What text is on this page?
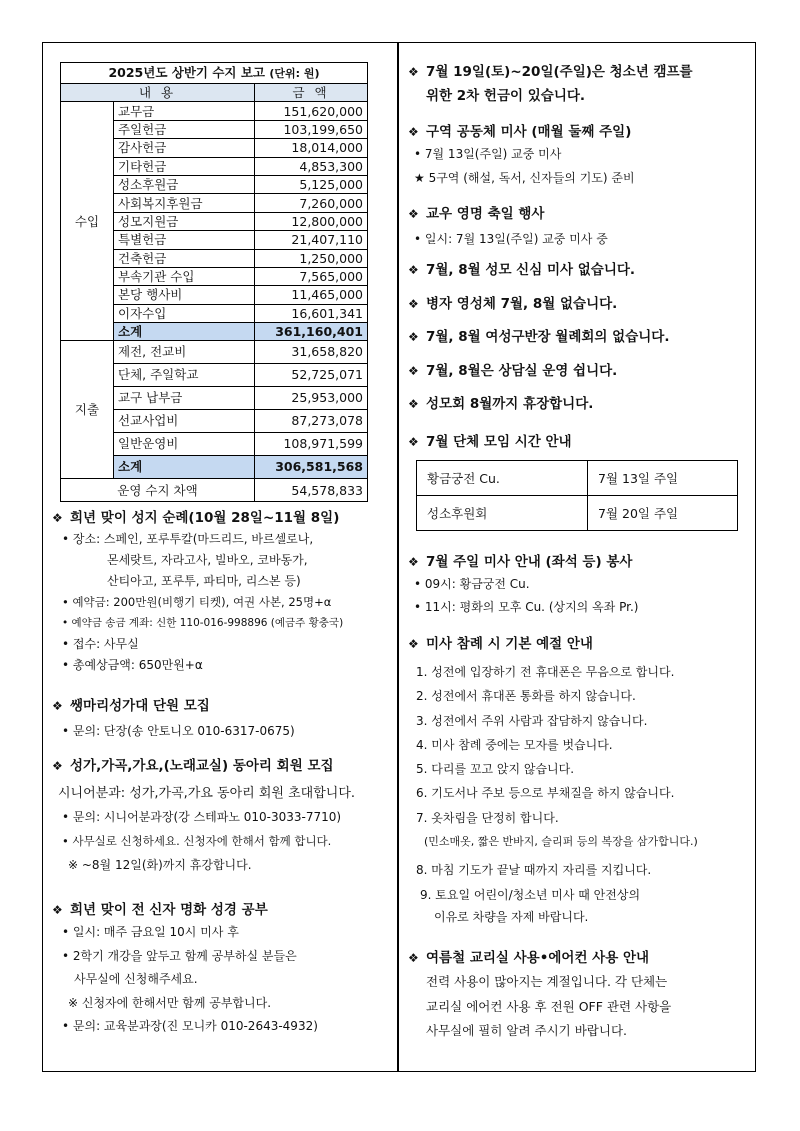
2025년도 상반기 수지 보고 (단위: 원)		
내 용		금 액
수입	교무금	151,620,000
	주일헌금	103,199,650
	감사헌금	18,014,000
	기타헌금	4,853,300
	성소후원금	5,125,000
	사회복지후원금	7,260,000
	성모지원금	12,800,000
	특별헌금	21,407,110
	건축헌금	1,250,000
	부속기관 수입	7,565,000
	본당 행사비	11,465,000
	이자수입	16,601,341
	소계	361,160,401
지출	제전, 전교비	31,658,820
	단체, 주일학교	52,725,071
	교구 납부금	25,953,000
	선교사업비	87,273,078
	일반운영비	108,971,599
	소계	306,581,568
운영 수지 차액		54,578,833

❖ 희년 맞이 성지 순례(10월 28일~11월 8일)

• 장소: 스페인, 포루투칼(마드리드, 바르셀로나,

몬세랏트, 자라고사, 빌바오, 코바동가,

산티아고, 포루투, 파티마, 리스본 등)

• 예약금: 200만원(비행기 티켓), 여권 사본, 25명+α

• 예약금 송금 계좌: 신한 110-016-998896 (예금주 황충국)

• 접수: 사무실

• 총예상금액: 650만원+α

❖ 쌩마리성가대 단원 모집

• 문의: 단장(송 안토니오 010-6317-0675)

❖ 성가,가곡,가요,(노래교실) 동아리 회원 모집

시니어분과: 성가,가곡,가요 동아리 회원 초대합니다.

• 문의: 시니어분과장(강 스테파노 010-3033-7710)

• 사무실로 신청하세요. 신청자에 한해서 함께 합니다.

※ ~8월 12일(화)까지 휴강합니다.

❖ 희년 맞이 전 신자 명화 성경 공부

• 일시: 매주 금요일 10시 미사 후

• 2학기 개강을 앞두고 함께 공부하실 분들은

사무실에 신청해주세요.

※ 신청자에 한해서만 함께 공부합니다.

• 문의: 교육분과장(진 모니카 010-2643-4932)

❖ 7월 19일(토)~20일(주일)은 청소년 캠프를

위한 2차 헌금이 있습니다.

❖ 구역 공동체 미사 (매월 둘째 주일)

• 7월 13일(주일) 교중 미사

★ 5구역 (해설, 독서, 신자들의 기도) 준비

❖ 교우 영명 축일 행사

• 일시: 7월 13일(주일) 교중 미사 중

❖ 7월, 8월 성모 신심 미사 없습니다.

❖ 병자 영성체 7월, 8월 없습니다.

❖ 7월, 8월 여성구반장 월례회의 없습니다.

❖ 7월, 8월은 상담실 운영 쉽니다.

❖ 성모회 8월까지 휴장합니다.

❖ 7월 단체 모임 시간 안내

황금궁전 Cu.	7월 13일 주일
성소후원회	7월 20일 주일

❖ 7월 주일 미사 안내 (좌석 등) 봉사

• 09시: 황금궁전 Cu.

• 11시: 평화의 모후 Cu. (상지의 옥좌 Pr.)

❖ 미사 참례 시 기본 예절 안내

1. 성전에 입장하기 전 휴대폰은 무음으로 합니다.

2. 성전에서 휴대폰 통화를 하지 않습니다.

3. 성전에서 주위 사람과 잡담하지 않습니다.

4. 미사 참례 중에는 모자를 벗습니다.

5. 다리를 꼬고 앉지 않습니다.

6. 기도서나 주보 등으로 부채질을 하지 않습니다.

7. 옷차림을 단정히 합니다.

(민소매옷, 짧은 반바지, 슬리퍼 등의 복장을 삼가합니다.)

8. 마침 기도가 끝날 때까지 자리를 지킵니다.

9. 토요일 어린이/청소년 미사 때 안전상의

이유로 차량을 자제 바랍니다.

❖ 여름철 교리실 사용•에어컨 사용 안내

전력 사용이 많아지는 계절입니다. 각 단체는

교리실 에어컨 사용 후 전원 OFF 관련 사항을

사무실에 필히 알려 주시기 바랍니다.
